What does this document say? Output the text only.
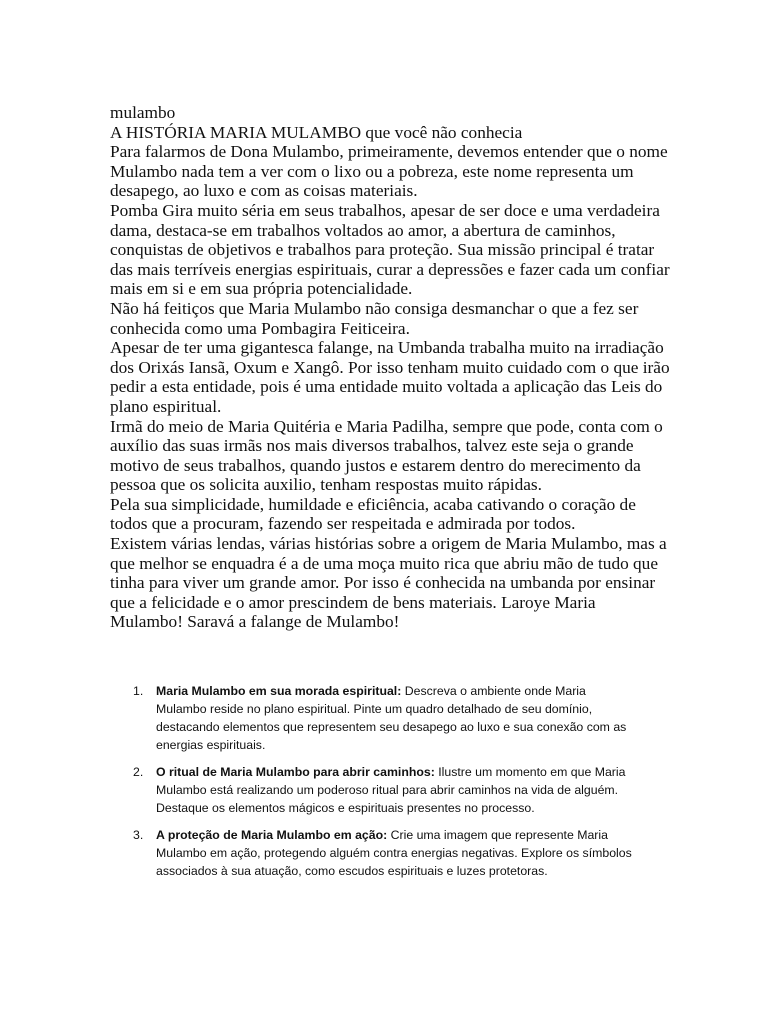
mulambo

A HISTÓRIA MARIA MULAMBO que você não conhecia

Para falarmos de Dona Mulambo, primeiramente, devemos entender que o nome Mulambo nada tem a ver com o lixo ou a pobreza, este nome representa um desapego, ao luxo e com as coisas materiais.

Pomba Gira muito séria em seus trabalhos, apesar de ser doce e uma verdadeira dama, destaca-se em trabalhos voltados ao amor, a abertura de caminhos, conquistas de objetivos e trabalhos para proteção. Sua missão principal é tratar das mais terríveis energias espirituais, curar a depressões e fazer cada um confiar mais em si e em sua própria potencialidade.

Não há feitiços que Maria Mulambo não consiga desmanchar o que a fez ser conhecida como uma Pombagira Feiticeira.

Apesar de ter uma gigantesca falange, na Umbanda trabalha muito na irradiação dos Orixás Iansã, Oxum e Xangô. Por isso tenham muito cuidado com o que irão pedir a esta entidade, pois é uma entidade muito voltada a aplicação das Leis do plano espiritual.

Irmã do meio de Maria Quitéria e Maria Padilha, sempre que pode, conta com o auxílio das suas irmãs nos mais diversos trabalhos, talvez este seja o grande motivo de seus trabalhos, quando justos e estarem dentro do merecimento da pessoa que os solicita auxilio, tenham respostas muito rápidas.

Pela sua simplicidade, humildade e eficiência, acaba cativando o coração de todos que a procuram, fazendo ser respeitada e admirada por todos.

Existem várias lendas, várias histórias sobre a origem de Maria Mulambo, mas a que melhor se enquadra é a de uma moça muito rica que abriu mão de tudo que tinha para viver um grande amor. Por isso é conhecida na umbanda por ensinar que a felicidade e o amor prescindem de bens materiais. Laroye Maria Mulambo! Saravá a falange de Mulambo!

1. Maria Mulambo em sua morada espiritual: Descreva o ambiente onde Maria Mulambo reside no plano espiritual. Pinte um quadro detalhado de seu domínio, destacando elementos que representem seu desapego ao luxo e sua conexão com as energias espirituais.
2. O ritual de Maria Mulambo para abrir caminhos: Ilustre um momento em que Maria Mulambo está realizando um poderoso ritual para abrir caminhos na vida de alguém. Destaque os elementos mágicos e espirituais presentes no processo.
3. A proteção de Maria Mulambo em ação: Crie uma imagem que represente Maria Mulambo em ação, protegendo alguém contra energias negativas. Explore os símbolos associados à sua atuação, como escudos espirituais e luzes protetoras.
